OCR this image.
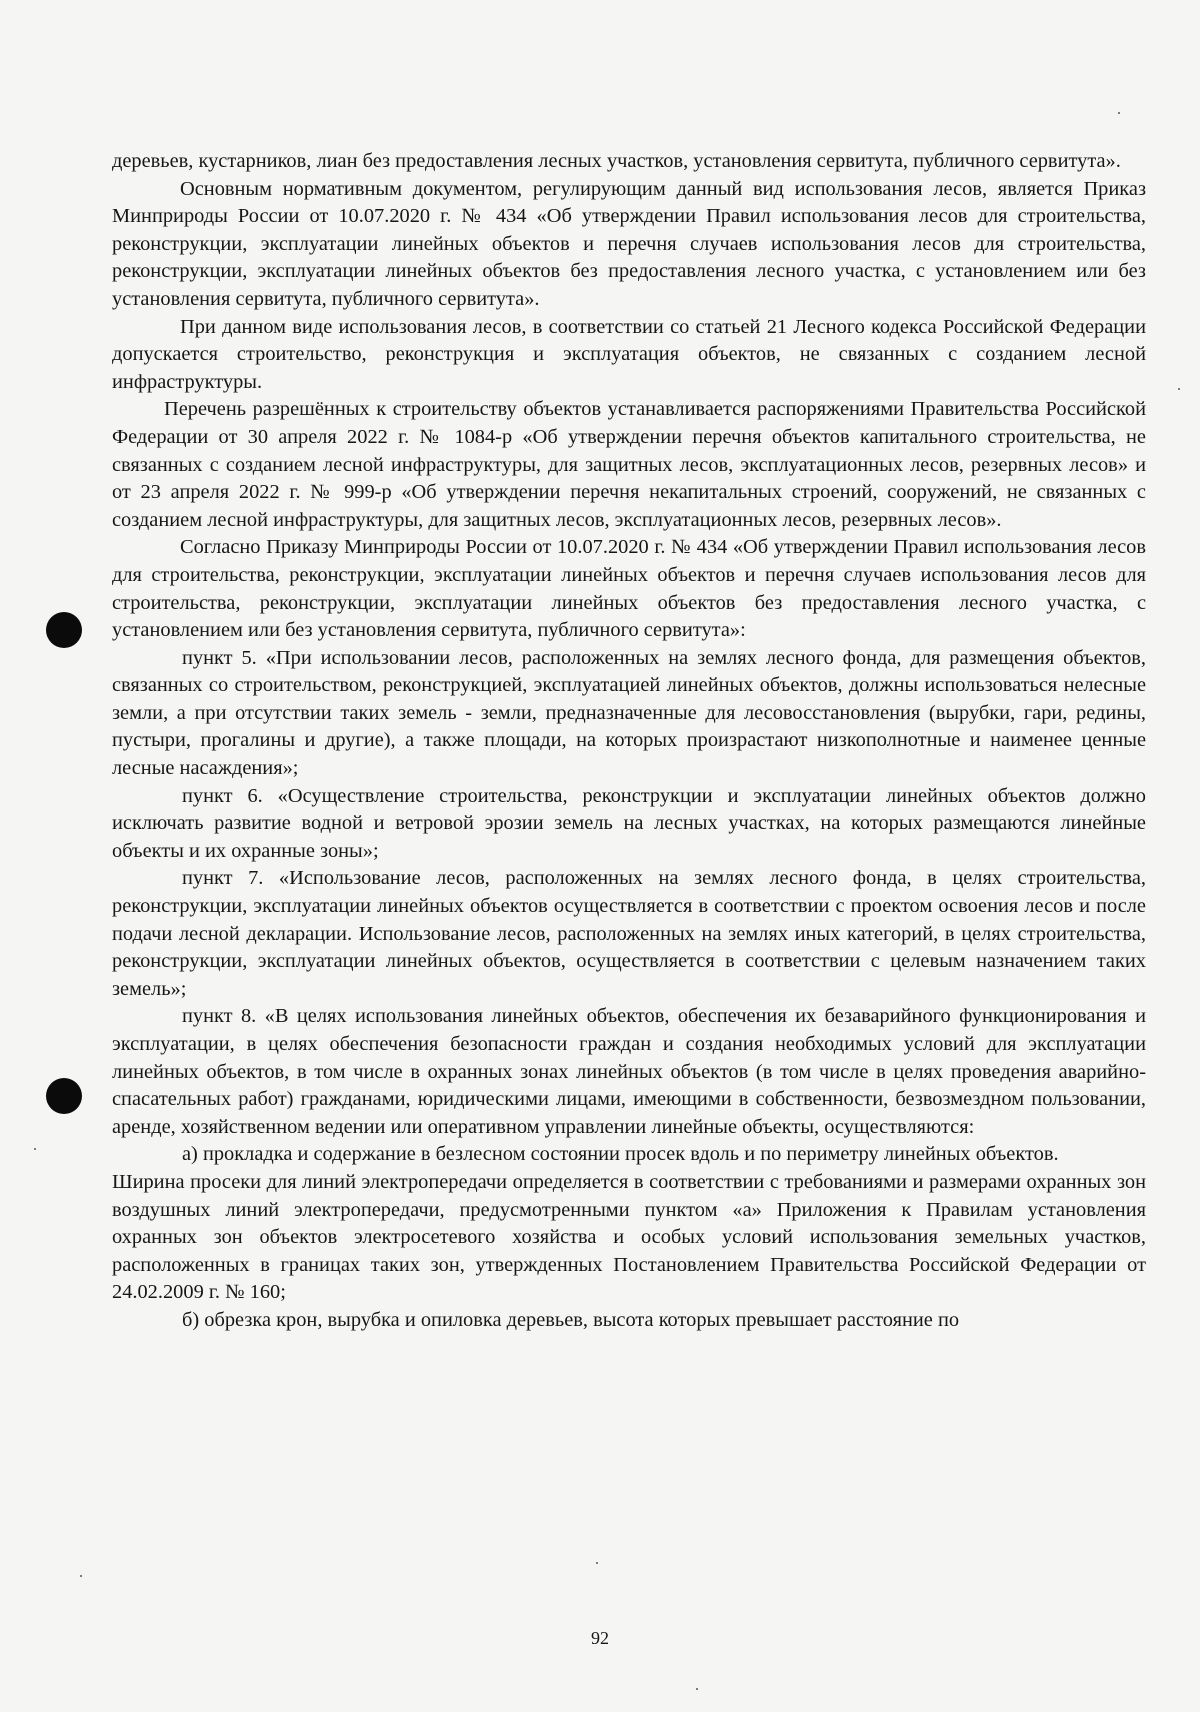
деревьев, кустарников, лиан без предоставления лесных участков, установления сервитута, публичного сервитута».

Основным нормативным документом, регулирующим данный вид использования лесов, является Приказ Минприроды России от 10.07.2020 г. № 434 «Об утверждении Правил использования лесов для строительства, реконструкции, эксплуатации линейных объектов и перечня случаев использования лесов для строительства, реконструкции, эксплуатации линейных объектов без предоставления лесного участка, с установлением или без установления сервитута, публичного сервитута».

При данном виде использования лесов, в соответствии со статьей 21 Лесного кодекса Российской Федерации допускается строительство, реконструкция и эксплуатация объектов, не связанных с созданием лесной инфраструктуры.

Перечень разрешённых к строительству объектов устанавливается распоряжениями Правительства Российской Федерации от 30 апреля 2022 г. № 1084-р «Об утверждении перечня объектов капитального строительства, не связанных с созданием лесной инфраструктуры, для защитных лесов, эксплуатационных лесов, резервных лесов» и от 23 апреля 2022 г. № 999-р «Об утверждении перечня некапитальных строений, сооружений, не связанных с созданием лесной инфраструктуры, для защитных лесов, эксплуатационных лесов, резервных лесов».

Согласно Приказу Минприроды России от 10.07.2020 г. № 434 «Об утверждении Правил использования лесов для строительства, реконструкции, эксплуатации линейных объектов и перечня случаев использования лесов для строительства, реконструкции, эксплуатации линейных объектов без предоставления лесного участка, с установлением или без установления сервитута, публичного сервитута»:

пункт 5. «При использовании лесов, расположенных на землях лесного фонда, для размещения объектов, связанных со строительством, реконструкцией, эксплуатацией линейных объектов, должны использоваться нелесные земли, а при отсутствии таких земель - земли, предназначенные для лесовосстановления (вырубки, гари, редины, пустыри, прогалины и другие), а также площади, на которых произрастают низкополнотные и наименее ценные лесные насаждения»;

пункт 6. «Осуществление строительства, реконструкции и эксплуатации линейных объектов должно исключать развитие водной и ветровой эрозии земель на лесных участках, на которых размещаются линейные объекты и их охранные зоны»;

пункт 7. «Использование лесов, расположенных на землях лесного фонда, в целях строительства, реконструкции, эксплуатации линейных объектов осуществляется в соответствии с проектом освоения лесов и после подачи лесной декларации. Использование лесов, расположенных на землях иных категорий, в целях строительства, реконструкции, эксплуатации линейных объектов, осуществляется в соответствии с целевым назначением таких земель»;

пункт 8. «В целях использования линейных объектов, обеспечения их безаварийного функционирования и эксплуатации, в целях обеспечения безопасности граждан и создания необходимых условий для эксплуатации линейных объектов, в том числе в охранных зонах линейных объектов (в том числе в целях проведения аварийно-спасательных работ) гражданами, юридическими лицами, имеющими в собственности, безвозмездном пользовании, аренде, хозяйственном ведении или оперативном управлении линейные объекты, осуществляются:

а) прокладка и содержание в безлесном состоянии просек вдоль и по периметру линейных объектов.

Ширина просеки для линий электропередачи определяется в соответствии с требованиями и размерами охранных зон воздушных линий электропередачи, предусмотренными пунктом «а» Приложения к Правилам установления охранных зон объектов электросетевого хозяйства и особых условий использования земельных участков, расположенных в границах таких зон, утвержденных Постановлением Правительства Российской Федерации от 24.02.2009 г. № 160;

б) обрезка крон, вырубка и опиловка деревьев, высота которых превышает расстояние по

92
